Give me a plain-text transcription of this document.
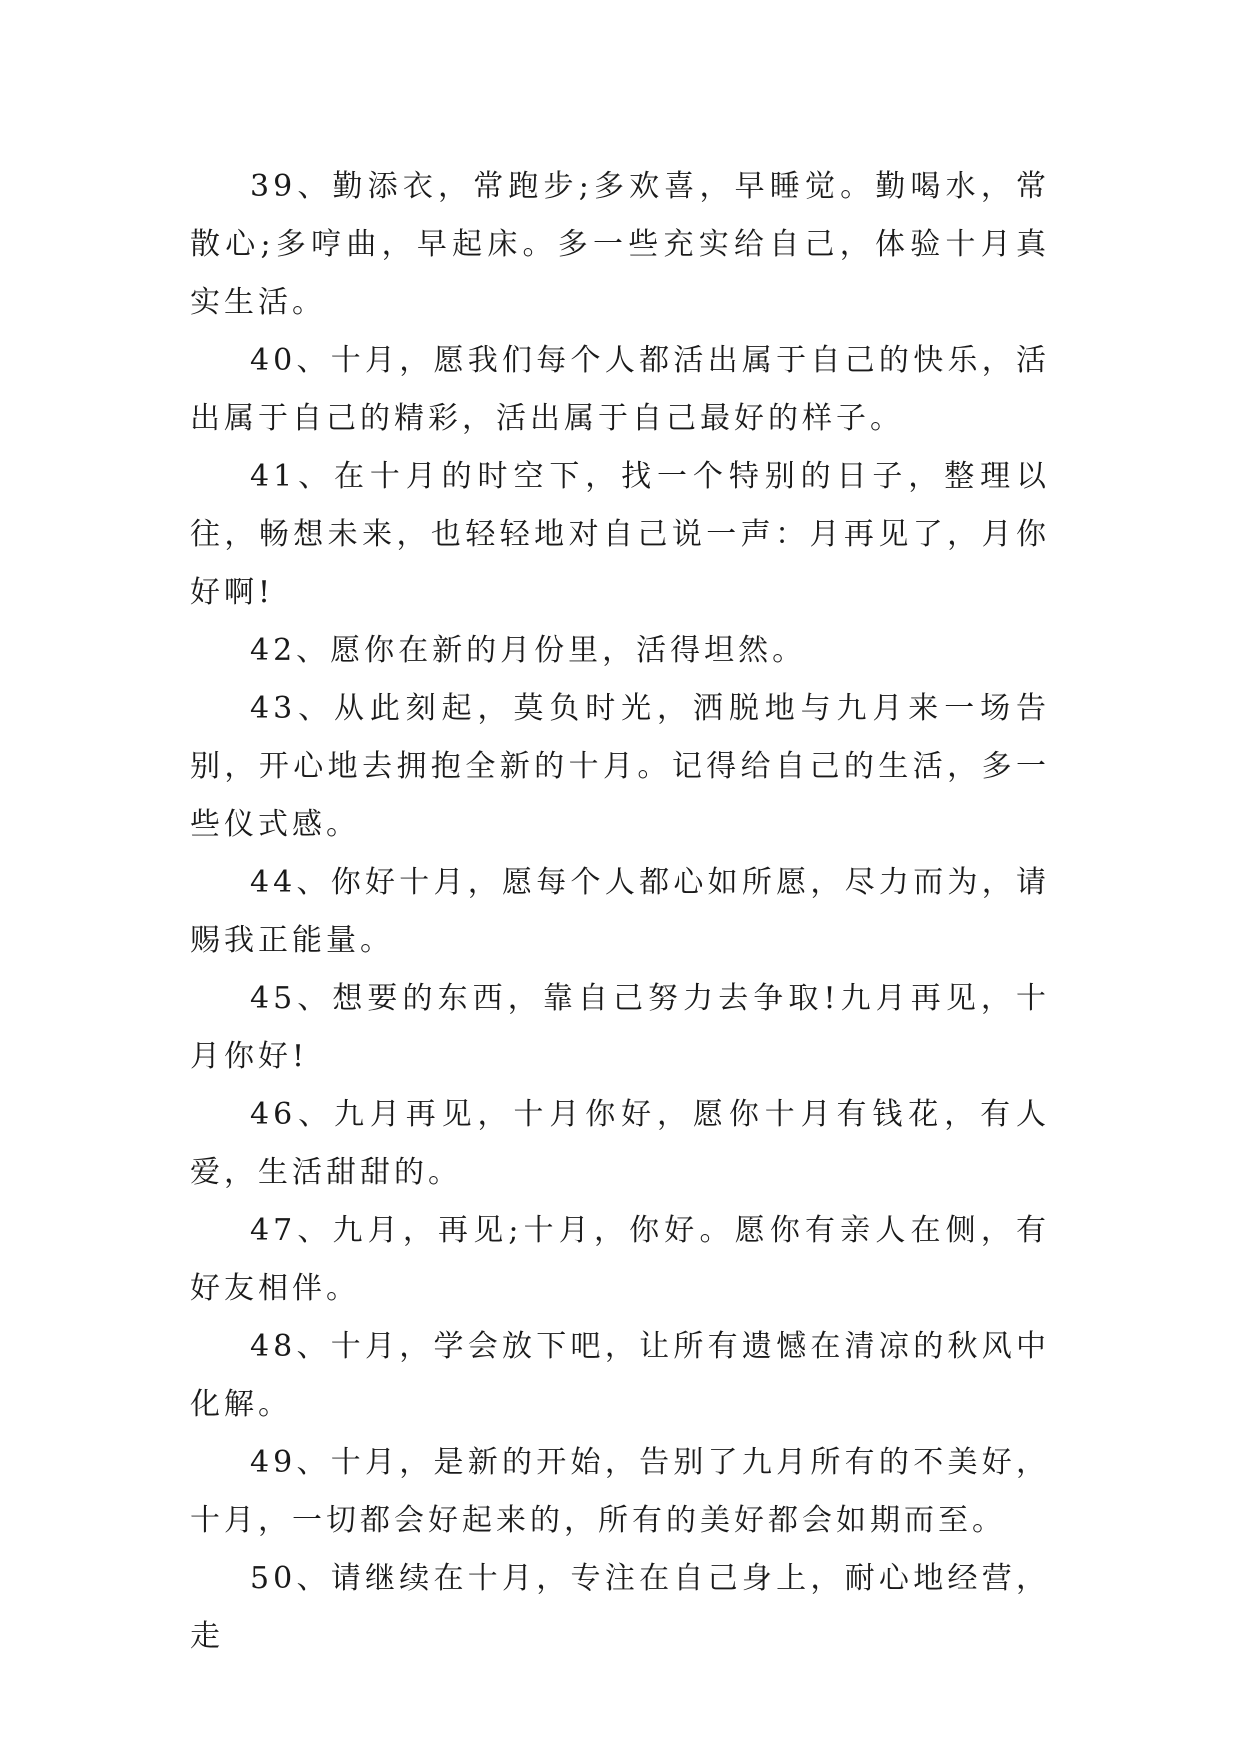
39、勤添衣，常跑步;多欢喜，早睡觉。勤喝水，常散心;多哼曲，早起床。多一些充实给自己，体验十月真实生活。

40、十月，愿我们每个人都活出属于自己的快乐，活出属于自己的精彩，活出属于自己最好的样子。

41、在十月的时空下，找一个特别的日子，整理以往，畅想未来，也轻轻地对自己说一声：月再见了，月你好啊!

42、愿你在新的月份里，活得坦然。

43、从此刻起，莫负时光，洒脱地与九月来一场告别，开心地去拥抱全新的十月。记得给自己的生活，多一些仪式感。

44、你好十月，愿每个人都心如所愿，尽力而为，请赐我正能量。

45、想要的东西，靠自己努力去争取!九月再见，十月你好!

46、九月再见，十月你好，愿你十月有钱花，有人爱，生活甜甜的。

47、九月，再见;十月，你好。愿你有亲人在侧，有好友相伴。

48、十月，学会放下吧，让所有遗憾在清凉的秋风中化解。

49、十月，是新的开始，告别了九月所有的不美好，十月，一切都会好起来的，所有的美好都会如期而至。

50、请继续在十月，专注在自己身上，耐心地经营，走
